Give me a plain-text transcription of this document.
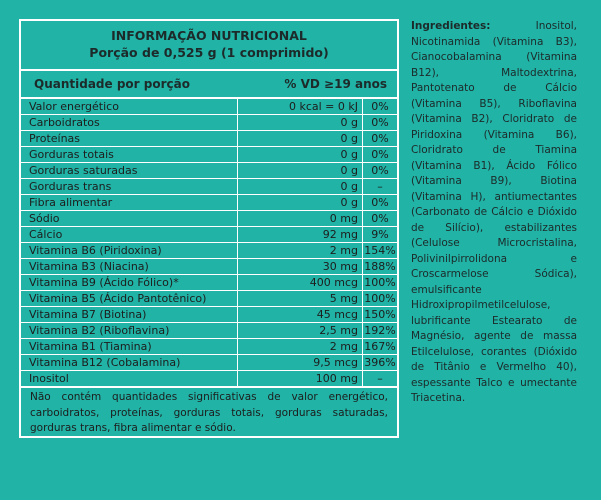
INFORMAÇÃO NUTRICIONAL
Porção de 0,525 g (1 comprimido)
Quantidade por porção	% VD ≥19 anos
Valor energético	0 kcal = 0 kJ	0%
Carboidratos	0 g	0%
Proteínas	0 g	0%
Gorduras totais	0 g	0%
Gorduras saturadas	0 g	0%
Gorduras trans	0 g	–
Fibra alimentar	0 g	0%
Sódio	0 mg	0%
Cálcio	92 mg	9%
Vitamina B6 (Piridoxina)	2 mg 154%
Vitamina B3 (Niacina)	30 mg 188%
Vitamina B9 (Ácido Fólico)*	400 mcg 100%
Vitamina B5 (Ácido Pantotênico)	5 mg 100%
Vitamina B7 (Biotina)	45 mcg 150%
Vitamina B2 (Riboflavina)	2,5 mg 192%
Vitamina B1 (Tiamina)	2 mg 167%
Vitamina B12 (Cobalamina)	9,5 mcg 396%
Inositol	100 mg	–
Não contém quantidades significativas de valor energético, carboidratos, proteínas, gorduras totais, gorduras saturadas, gorduras trans, fibra alimentar e sódio.
Ingredientes: Inositol, Nicotinamida (Vitamina B3), Cianocobalamina (Vitamina B12), Maltodextrina, Pantotenato de Cálcio (Vitamina B5), Riboflavina (Vitamina B2), Cloridrato de Piridoxina (Vitamina B6), Cloridrato de Tiamina (Vitamina B1), Ácido Fólico (Vitamina B9), Biotina (Vitamina H), antiumectantes (Carbonato de Cálcio e Dióxido de Silício), estabilizantes (Celulose Microcristalina, Polivinilpirrolidona e Croscarmelose Sódica), emulsificante Hidroxipropilmetilcelulose, lubrificante Estearato de Magnésio, agente de massa Etilcelulose, corantes (Dióxido de Titânio e Vermelho 40), espessante Talco e umectante Triacetina.
